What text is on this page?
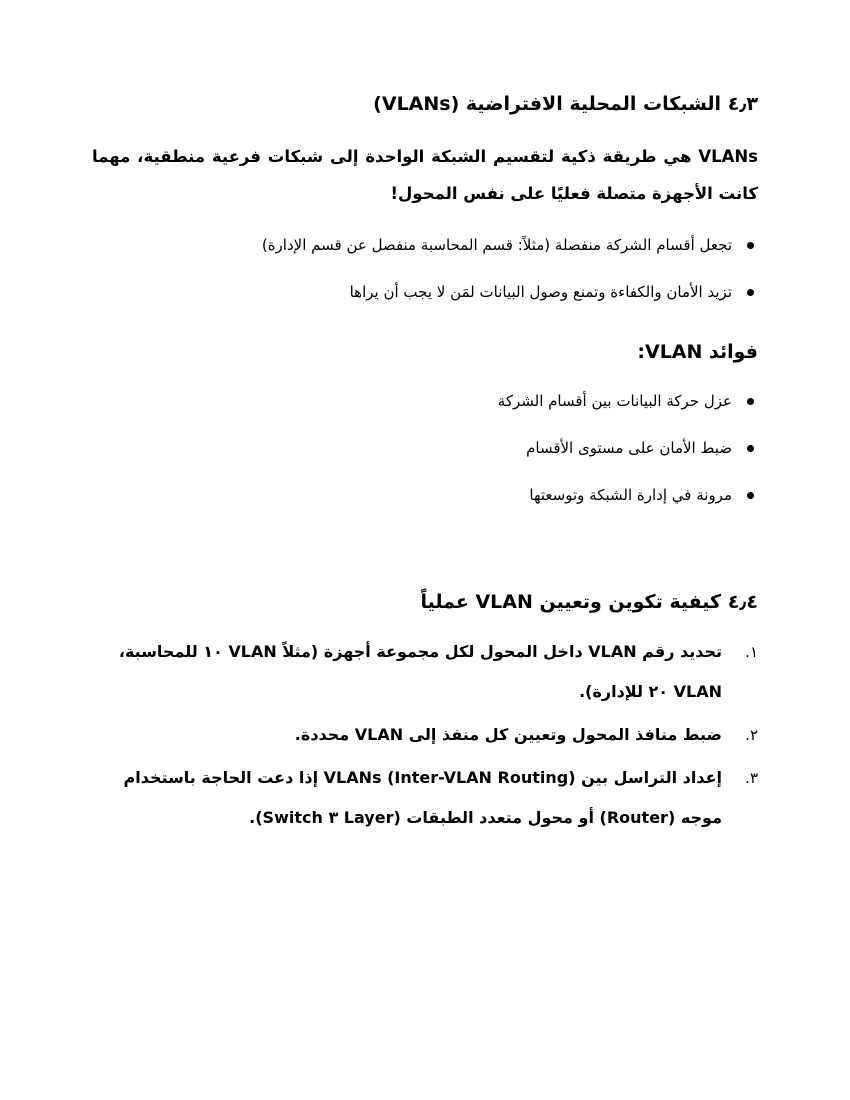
٤٫٣ الشبكات المحلية الافتراضية (VLANs)

VLANs هي طريقة ذكية لتقسيم الشبكة الواحدة إلى شبكات فرعية منطقية، مهما كانت الأجهزة متصلة فعليًا على نفس المحول!

تجعل أقسام الشركة منفصلة (مثلاً: قسم المحاسبة منفصل عن قسم الإدارة)
تزيد الأمان والكفاءة وتمنع وصول البيانات لمَن لا يجب أن يراها
فوائد VLAN:
عزل حركة البيانات بين أقسام الشركة
ضبط الأمان على مستوى الأقسام
مرونة في إدارة الشبكة وتوسعتها
٤٫٤ كيفية تكوين وتعيين VLAN عملياً
١.
تحديد رقم VLAN داخل المحول لكل مجموعة أجهزة (مثلاً VLAN ١٠ للمحاسبة، VLAN ٢٠ للإدارة).
٢.
ضبط منافذ المحول وتعيين كل منفذ إلى VLAN محددة.
٣.
إعداد التراسل بين VLANs (Inter-VLAN Routing) إذا دعت الحاجة باستخدام موجه (Router) أو محول متعدد الطبقات (Layer ٣ Switch).
